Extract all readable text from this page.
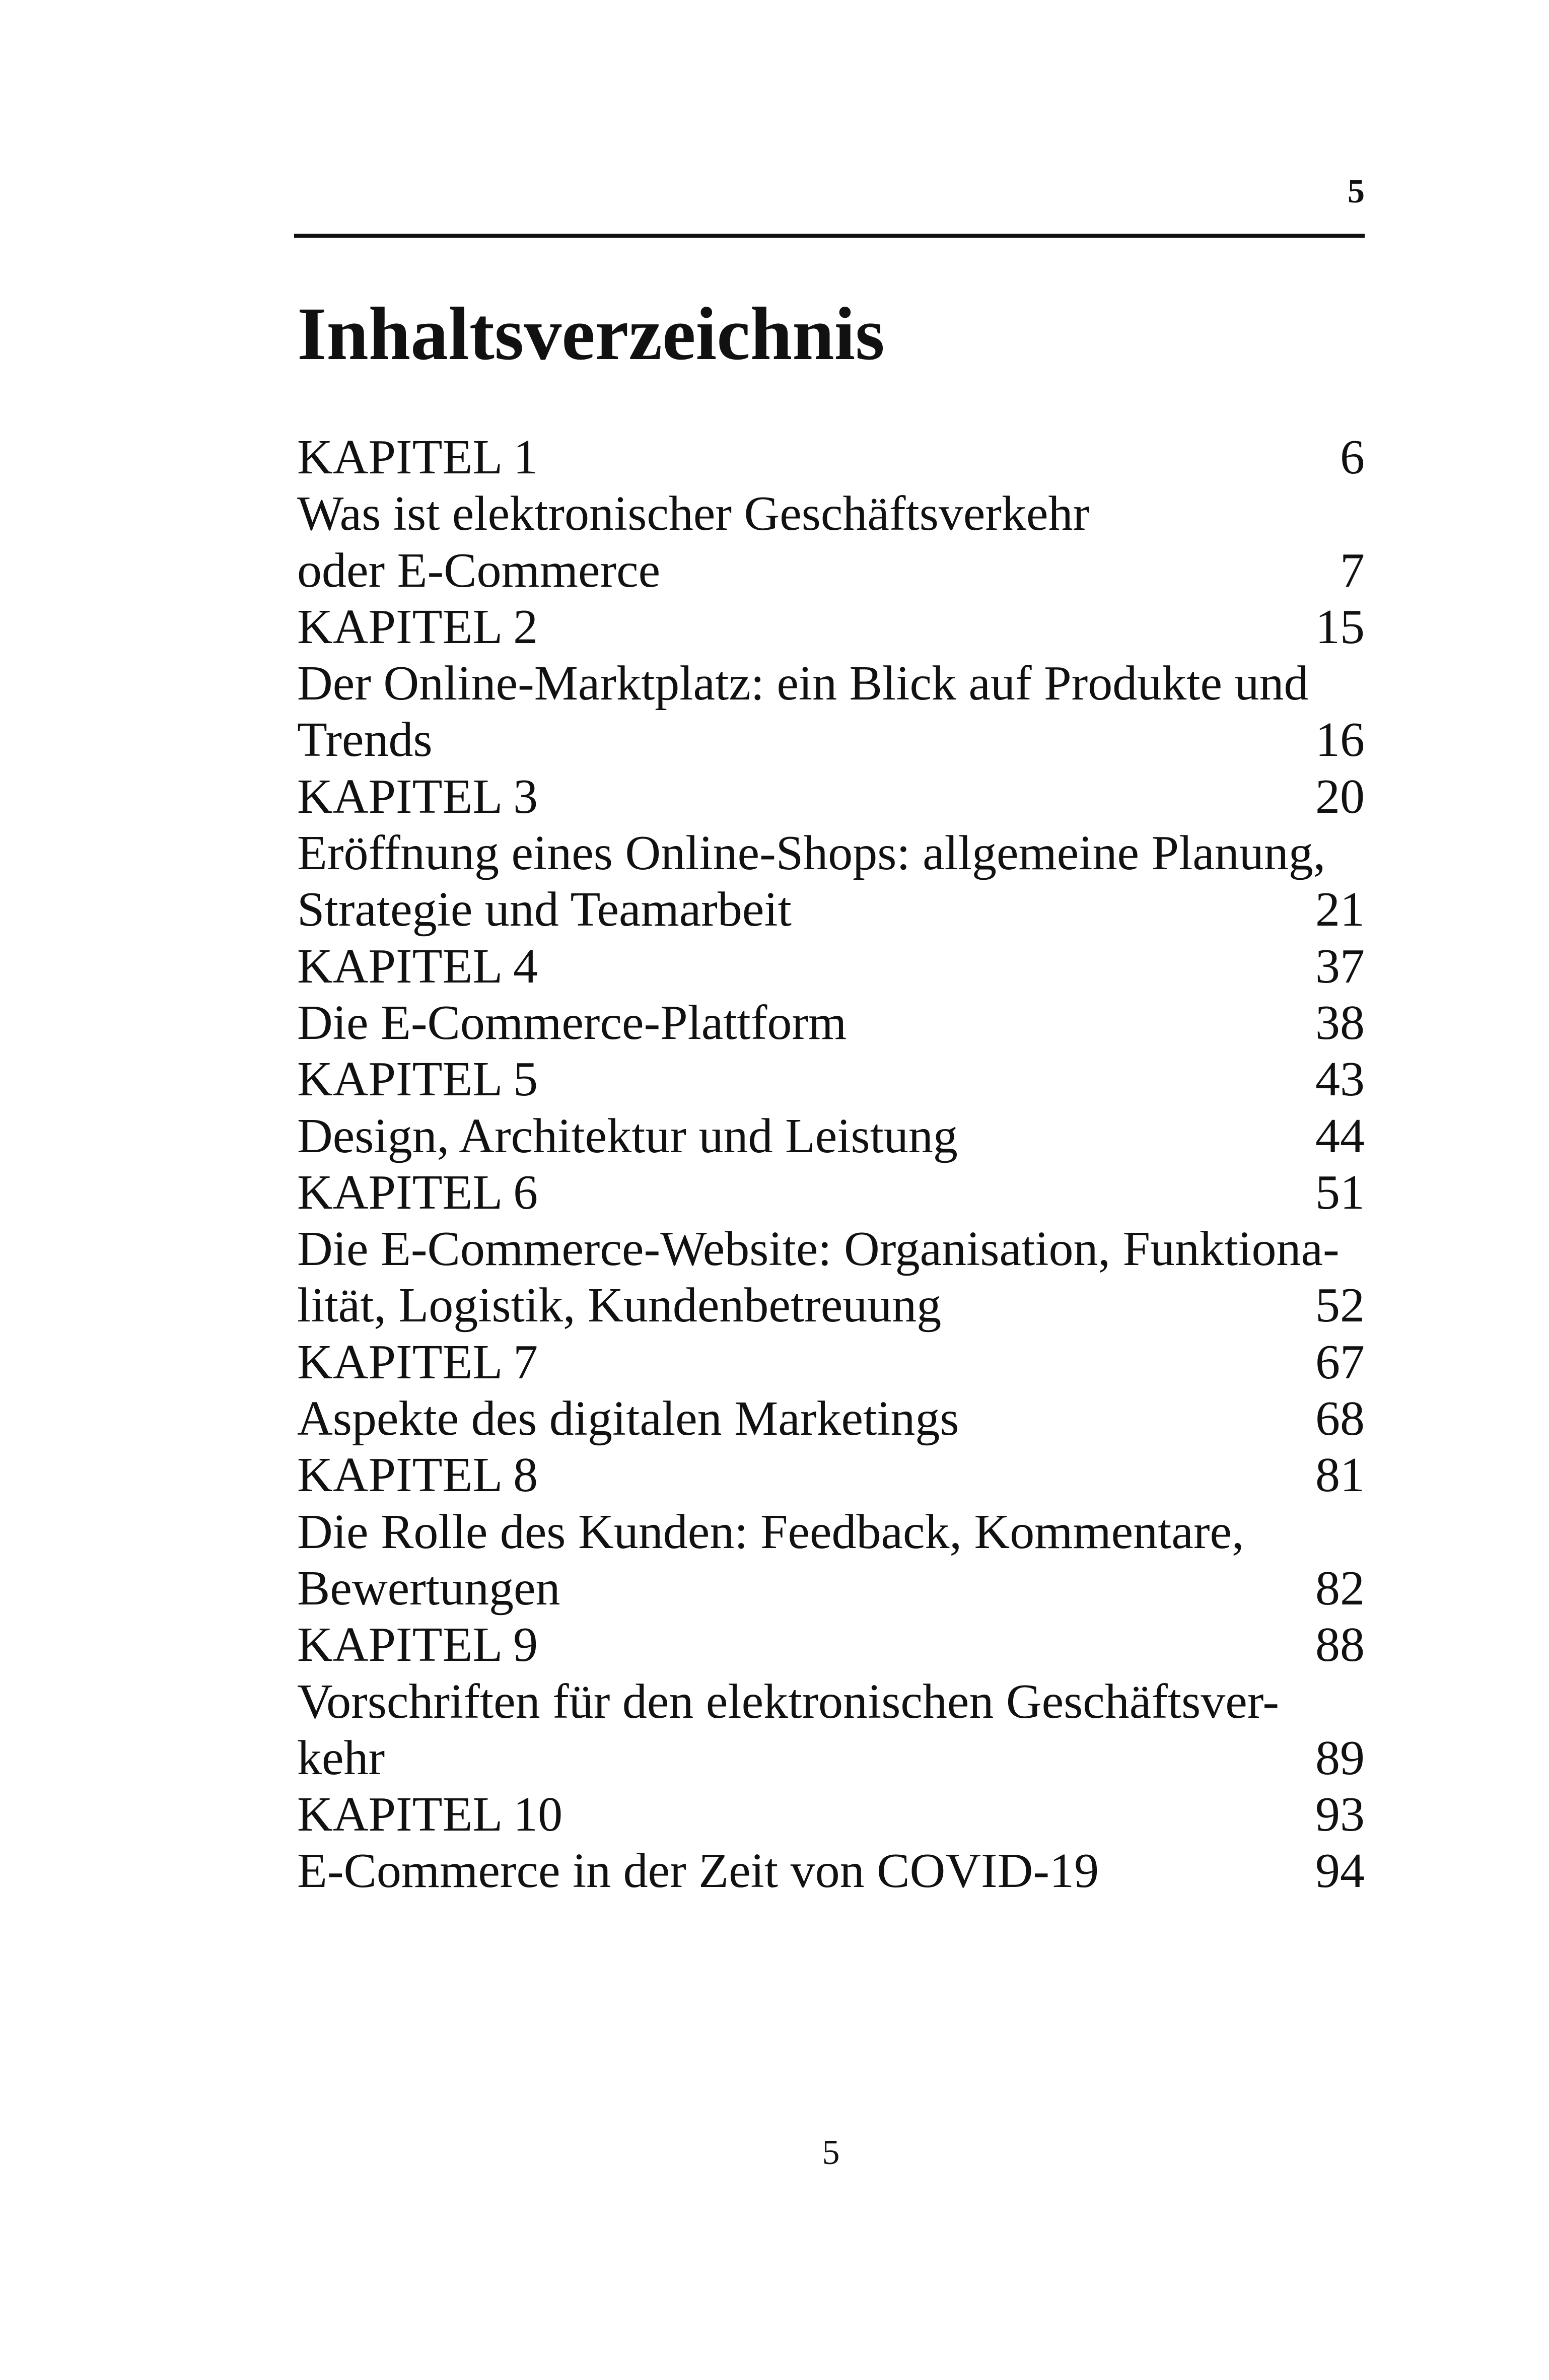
5
Inhaltsverzeichnis
KAPITEL 1	6
Was ist elektronischer Geschäftsverkehr
oder E-Commerce	7
KAPITEL 2	15
Der Online-Marktplatz: ein Blick auf Produkte und
Trends	16
KAPITEL 3	20
Eröffnung eines Online-Shops: allgemeine Planung,
Strategie und Teamarbeit	21
KAPITEL 4	37
Die E-Commerce-Plattform	38
KAPITEL 5	43
Design, Architektur und Leistung	44
KAPITEL 6	51
Die E-Commerce-Website: Organisation, Funktiona-
lität, Logistik, Kundenbetreuung	52
KAPITEL 7	67
Aspekte des digitalen Marketings	68
KAPITEL 8	81
Die Rolle des Kunden: Feedback, Kommentare,
Bewertungen	82
KAPITEL 9	88
Vorschriften für den elektronischen Geschäftsver-
kehr	89
KAPITEL 10	93
E-Commerce in der Zeit von COVID-19	94
5
